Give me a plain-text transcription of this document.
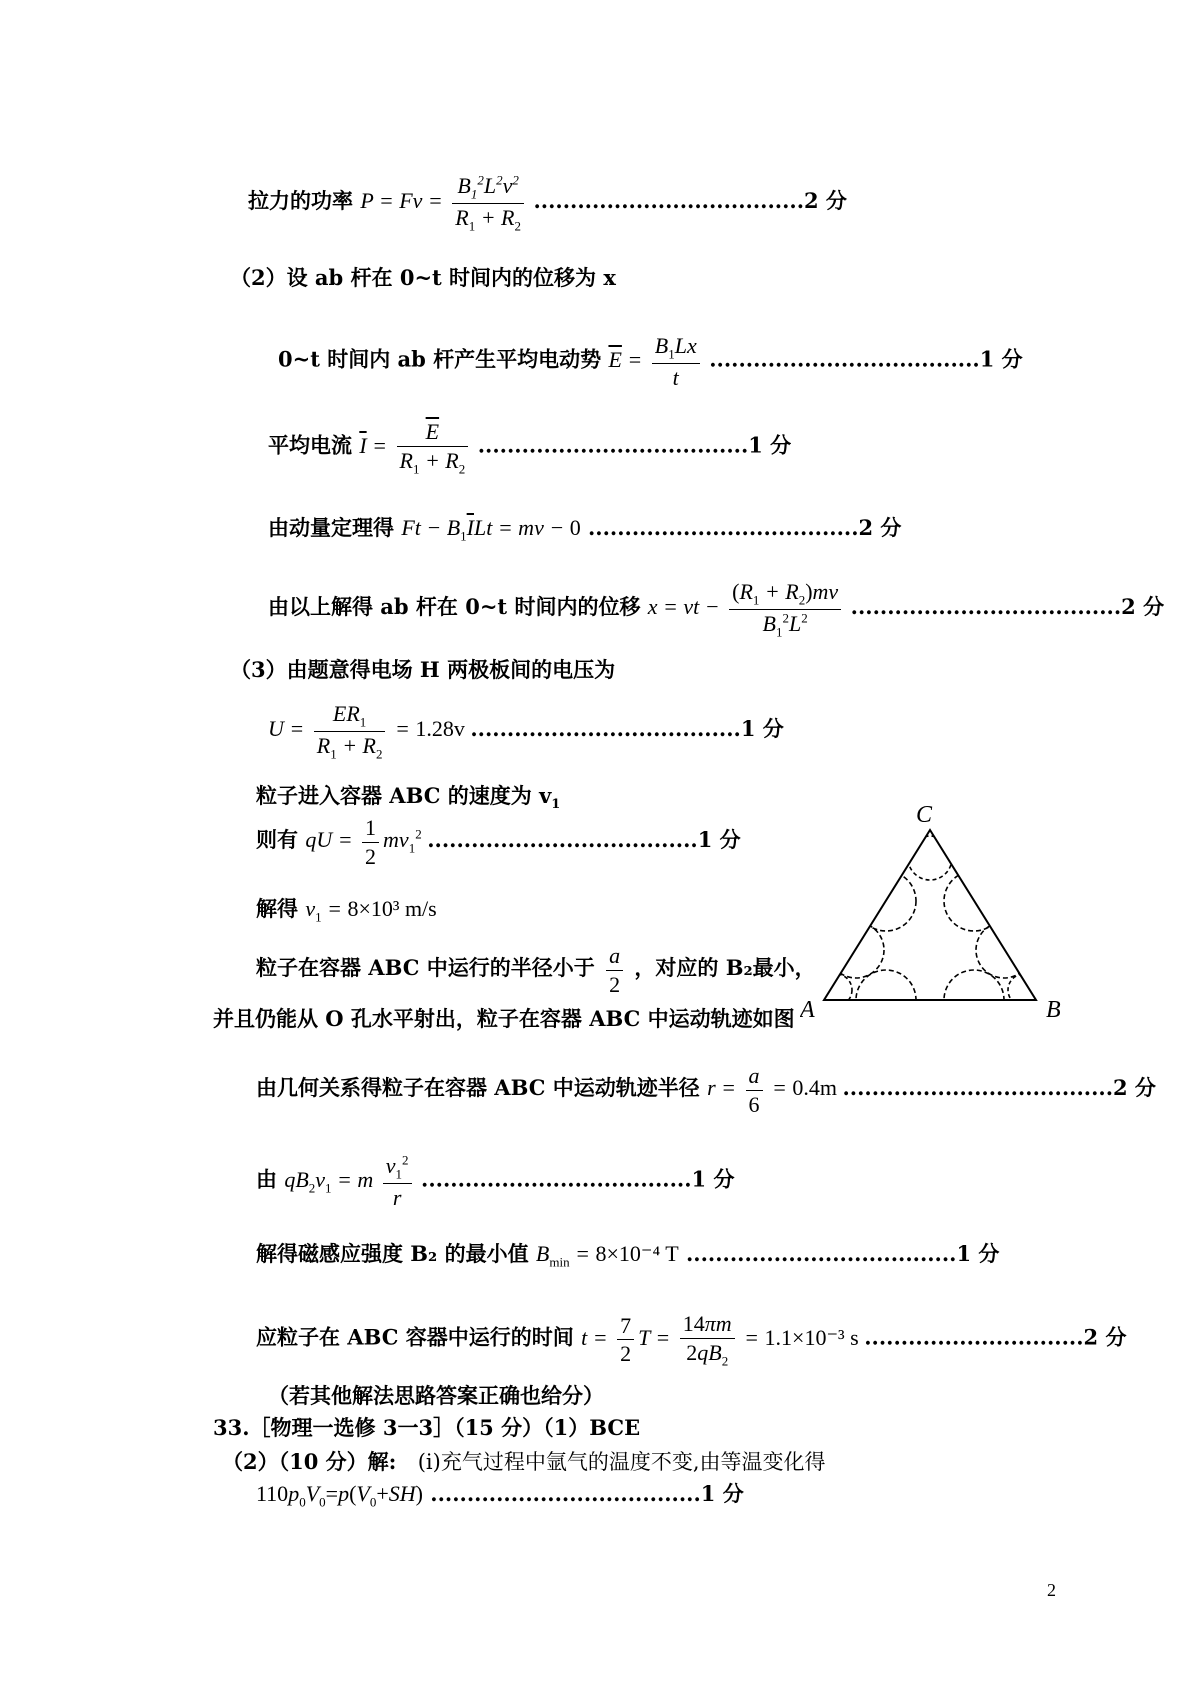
拉力的功率 $P = Fv = \frac{B_1^2L^2v^2}{R_1 + R_2} .....................................2$ 分
（2）设 ab 杆在 0~t 时间内的位移为 x
0~t 时间内 ab 杆产生平均电动势 $\overline{E} = \frac{B_1Lx}{t} .....................................1$ 分
平均电流 $\overline{I} = \frac{\overline{E}}{R_1 + R_2} .....................................1$ 分
由动量定理得 $Ft - B_1\overline{I}Lt$ = mv − 0 .....................................2 分
由以上解得 ab 杆在 0~t 时间内的位移 x = vt − $\frac{(R_1 + R_2)mv}{B_1^2L^2} .....................................2$ 分
（3）由题意得电场 H 两极板间的电压为
$U = \frac{ER_1}{R_1 + R_2} = 1.28v$ .....................................1 分
粒子进入容器 ABC 的速度为 $v_1$
则有 qU = $\frac{1}{2} mv_1^2$ .....................................1 分
解得 $v_1 = 8\times 10^3$ m/s
粒子在容器 ABC 中运行的半径小于 $\frac{a}{2}$ ，对应的 B₂最小，
并且仍能从 O 孔水平射出，粒子在容器 ABC 中运动轨迹如图
C
A	B
由几何关系得粒子在容器 ABC 中运动轨迹半径 $r = \frac{a}{6} = 0.4m$ .....................................2 分
由 $qB_2v_1 = m \frac{v_1^2}{r} .....................................1$ 分
解得磁感应强度 B₂ 的最小值 $B_{min} = 8\times 10^{-4}$ T .....................................1 分
应粒子在 ABC 容器中运行的时间 $t = \frac{7}{2}$ $T = \frac{14\pi m}{2qB_2} = 1.1\times 10^{-3}$ s ..............................2 分
（若其他解法思路答案正确也给分）
33.［物理一选修 3一3］（15 分）（1）BCE
（2）（10 分）解: (i)充气过程中氩气的温度不变,由等温变化得
$110p_0V_0=p(V_0+SH)$ .....................................1 分
2
